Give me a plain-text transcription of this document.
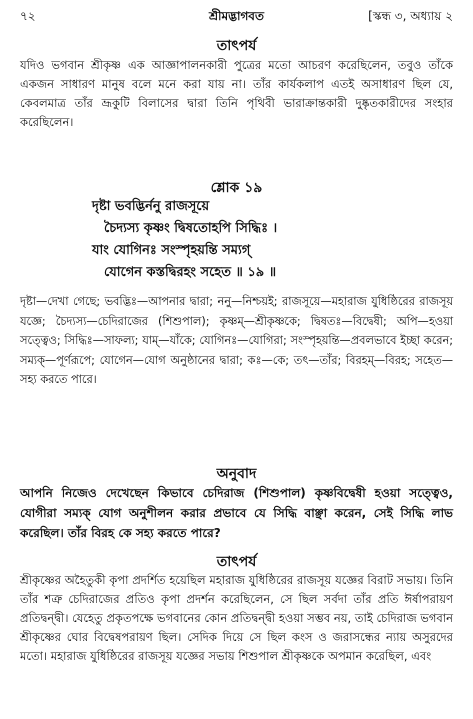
৭২	শ্রীমদ্ভাগবত	[স্কন্ধ ৩, অধ্যায় ২
তাৎপর্য

যদিও ভগবান শ্রীকৃষ্ণ এক আজ্ঞাপালনকারী পুত্রের মতো আচরণ করেছিলেন, তবুও তাঁকে একজন সাধারণ মানুষ বলে মনে করা যায় না। তাঁর কার্যকলাপ এতই অসাধারণ ছিল যে, কেবলমাত্র তাঁর ভ্রূকুটি বিলাসের দ্বারা তিনি পৃথিবী ভারাক্রান্তকারী দুষ্কৃতকারীদের সংহার করেছিলেন।

শ্লোক ১৯
দৃষ্টা ভবদ্ভির্ননু রাজসূয়ে
চৈদ্যস্য কৃষ্ণং দ্বিষতোহপি সিদ্ধিঃ ।
যাং যোগিনঃ সংস্পৃহয়ন্তি সম্যগ্
যোগেন কস্তদ্বিরহং সহেত ॥ ১৯ ॥

দৃষ্টা—দেখা গেছে; ভবদ্ভিঃ—আপনার দ্বারা; ননু—নিশ্চয়ই; রাজসূয়ে—মহারাজ যুধিষ্ঠিরের রাজসূয় যজ্ঞে; চৈদ্যস্য—চেদিরাজের (শিশুপাল); কৃষ্ণম্—শ্রীকৃষ্ণকে; দ্বিষতঃ—বিদ্বেষী; অপি—হওয়া সত্ত্বেও; সিদ্ধিঃ—সাফল্য; যাম্—যাঁকে; যোগিনঃ—যোগিরা; সংস্পৃহয়ন্তি—প্রবলভাবে ইচ্ছা করেন; সম্যক্—পূর্ণরূপে; যোগেন—যোগ অনুষ্ঠানের দ্বারা; কঃ—কে; তৎ—তাঁর; বিরহম্—বিরহ; সহেত—সহ্য করতে পারে।

অনুবাদ

আপনি নিজেও দেখেছেন কিভাবে চেদিরাজ (শিশুপাল) কৃষ্ণবিদ্বেষী হওয়া সত্ত্বেও, যোগীরা সম্যক্ যোগ অনুশীলন করার প্রভাবে যে সিদ্ধি বাঞ্ছা করেন, সেই সিদ্ধি লাভ করেছিল। তাঁর বিরহ কে সহ্য করতে পারে?

তাৎপর্য

শ্রীকৃষ্ণের অহৈতুকী কৃপা প্রদর্শিত হয়েছিল মহারাজ যুধিষ্ঠিরের রাজসূয় যজ্ঞের বিরাট সভায়। তিনি তাঁর শত্রু চেদিরাজের প্রতিও কৃপা প্রদর্শন করেছিলেন, সে ছিল সর্বদা তাঁর প্রতি ঈর্ষাপরায়ণ প্রতিদ্বন্দ্বী। যেহেতু প্রকৃতপক্ষে ভগবানের কোন প্রতিদ্বন্দ্বী হওয়া সম্ভব নয়, তাই চেদিরাজ ভগবান শ্রীকৃষ্ণের ঘোর বিদ্বেষপরায়ণ ছিল। সেদিক দিয়ে সে ছিল কংস ও জরাসন্ধের ন্যায় অসুরদের মতো। মহারাজ যুধিষ্ঠিরের রাজসূয় যজ্ঞের সভায় শিশুপাল শ্রীকৃষ্ণকে অপমান করেছিল, এবং
